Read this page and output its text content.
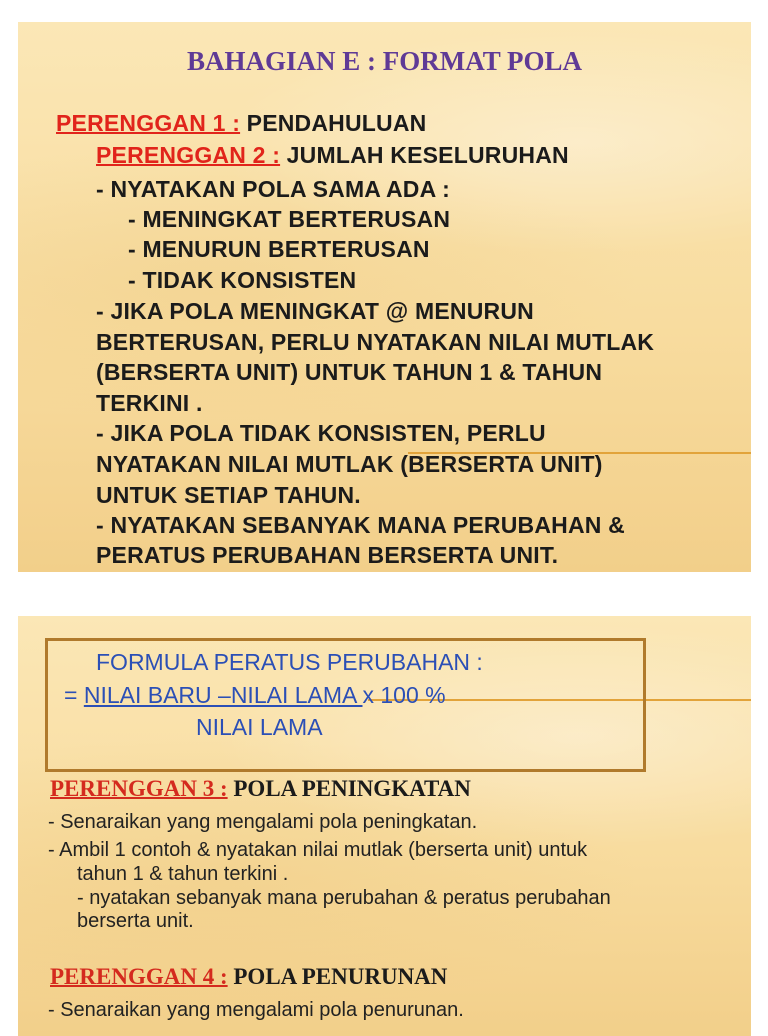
BAHAGIAN E : FORMAT POLA
PERENGGAN 1 : PENDAHULUAN
PERENGGAN 2 : JUMLAH KESELURUHAN
- NYATAKAN POLA SAMA ADA :
- MENINGKAT BERTERUSAN
- MENURUN BERTERUSAN
- TIDAK KONSISTEN
- JIKA POLA MENINGKAT @ MENURUN
BERTERUSAN, PERLU NYATAKAN NILAI MUTLAK
(BERSERTA UNIT) UNTUK TAHUN 1 & TAHUN
TERKINI .
- JIKA POLA TIDAK KONSISTEN, PERLU
NYATAKAN NILAI MUTLAK (BERSERTA UNIT)
UNTUK SETIAP TAHUN.
- NYATAKAN SEBANYAK MANA PERUBAHAN &
PERATUS PERUBAHAN BERSERTA UNIT.
FORMULA PERATUS PERUBAHAN :
= NILAI BARU –NILAI LAMA x 100 %
NILAI LAMA
PERENGGAN 3 : POLA PENINGKATAN
- Senaraikan yang mengalami pola peningkatan.
- Ambil 1 contoh & nyatakan nilai mutlak (berserta unit) untuk
tahun 1 & tahun terkini .
- nyatakan sebanyak mana perubahan & peratus perubahan
berserta unit.
PERENGGAN 4 : POLA PENURUNAN
- Senaraikan yang mengalami pola penurunan.
